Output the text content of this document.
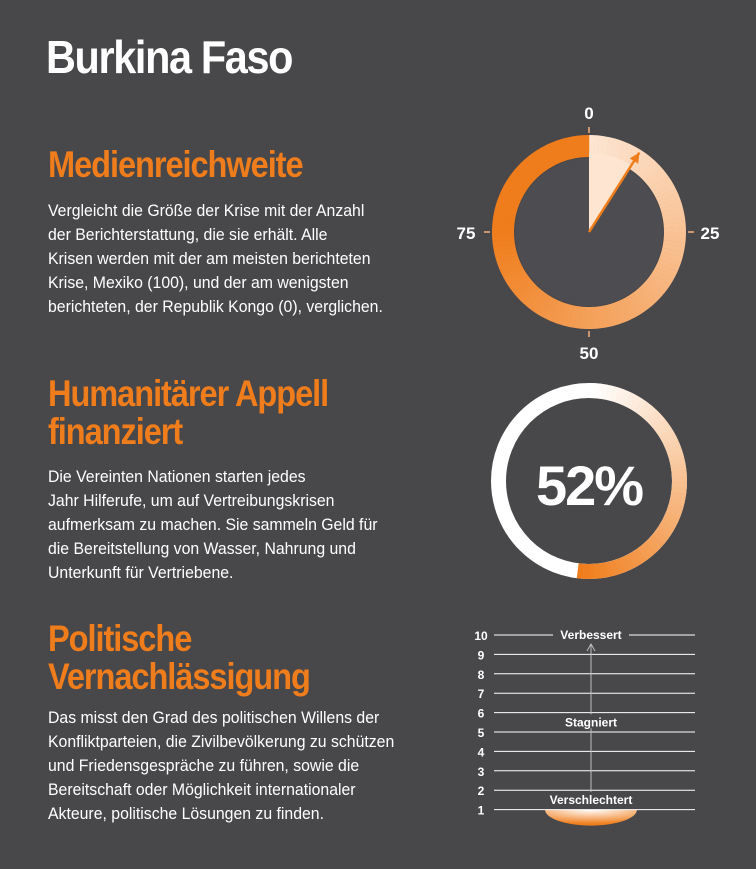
Burkina Faso
Medienreichweite
Vergleicht die Größe der Krise mit der Anzahl
der Berichterstattung, die sie erhält. Alle
Krisen werden mit der am meisten berichteten
Krise, Mexiko (100), und der am wenigsten
berichteten, der Republik Kongo (0), verglichen.
0
25
50
75
Humanitärer Appell
finanziert
Die Vereinten Nationen starten jedes
Jahr Hilferufe, um auf Vertreibungskrisen
aufmerksam zu machen. Sie sammeln Geld für
die Bereitstellung von Wasser, Nahrung und
Unterkunft für Vertriebene.
52%
Politische
Vernachlässigung
Das misst den Grad des politischen Willens der
Konfliktparteien, die Zivilbevölkerung zu schützen
und Friedensgespräche zu führen, sowie die
Bereitschaft oder Möglichkeit internationaler
Akteure, politische Lösungen zu finden.
10
9
8
7
6
5
4
3
2
1
Verbessert
Stagniert
Verschlechtert
